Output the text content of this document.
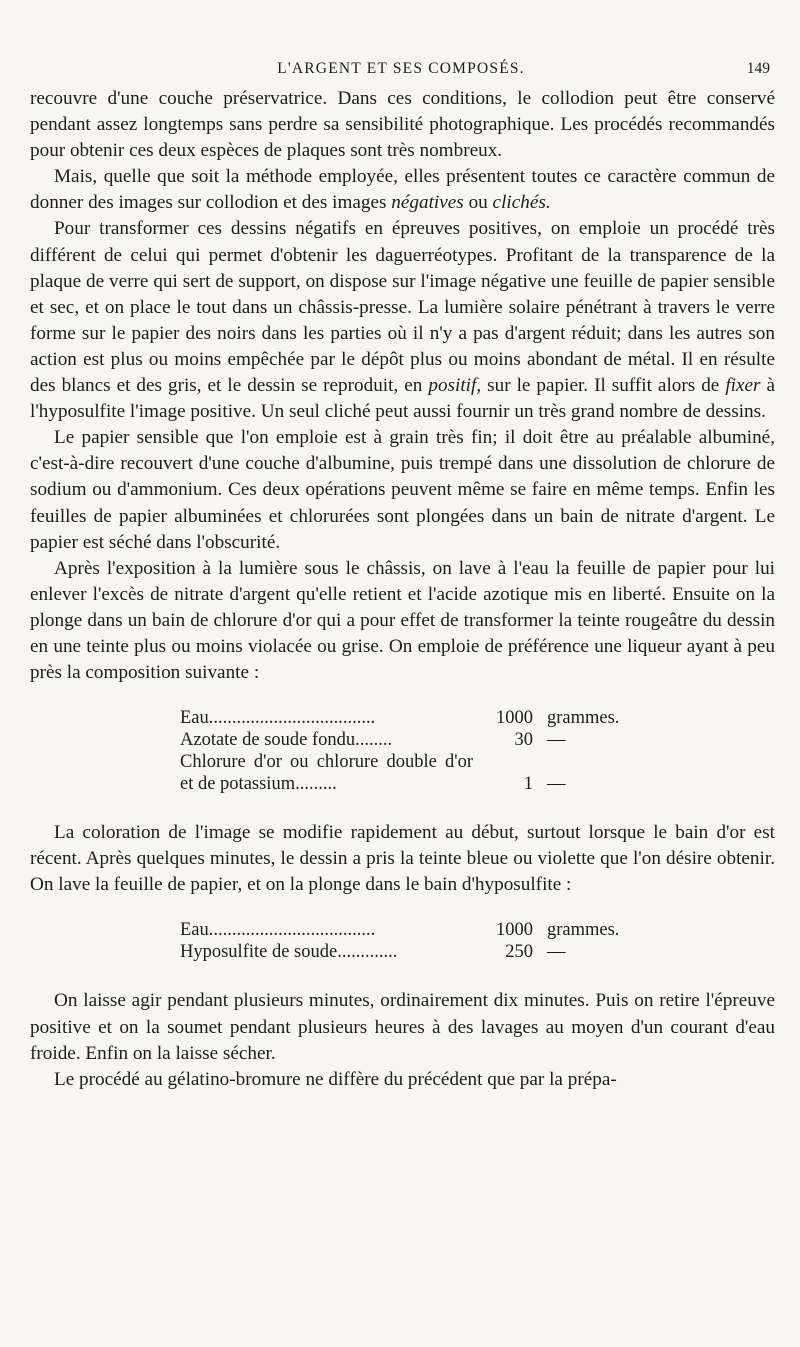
L'ARGENT ET SES COMPOSÉS.	149

recouvre d'une couche préservatrice. Dans ces conditions, le collodion peut être conservé pendant assez longtemps sans perdre sa sensibilité photographique. Les procédés recommandés pour obtenir ces deux espèces de plaques sont très nombreux.

Mais, quelle que soit la méthode employée, elles présentent toutes ce caractère commun de donner des images sur collodion et des images négatives ou clichés.

Pour transformer ces dessins négatifs en épreuves positives, on emploie un procédé très différent de celui qui permet d'obtenir les daguerréotypes. Profitant de la transparence de la plaque de verre qui sert de support, on dispose sur l'image négative une feuille de papier sensible et sec, et on place le tout dans un châssis-presse. La lumière solaire pénétrant à travers le verre forme sur le papier des noirs dans les parties où il n'y a pas d'argent réduit; dans les autres son action est plus ou moins empêchée par le dépôt plus ou moins abondant de métal. Il en résulte des blancs et des gris, et le dessin se reproduit, en positif, sur le papier. Il suffit alors de fixer à l'hyposulfite l'image positive. Un seul cliché peut aussi fournir un très grand nombre de dessins.

Le papier sensible que l'on emploie est à grain très fin; il doit être au préalable albuminé, c'est-à-dire recouvert d'une couche d'albumine, puis trempé dans une dissolution de chlorure de sodium ou d'ammonium. Ces deux opérations peuvent même se faire en même temps. Enfin les feuilles de papier albuminées et chlorurées sont plongées dans un bain de nitrate d'argent. Le papier est séché dans l'obscurité.

Après l'exposition à la lumière sous le châssis, on lave à l'eau la feuille de papier pour lui enlever l'excès de nitrate d'argent qu'elle retient et l'acide azotique mis en liberté. Ensuite on la plonge dans un bain de chlorure d'or qui a pour effet de transformer la teinte rougeâtre du dessin en une teinte plus ou moins violacée ou grise. On emploie de préférence une liqueur ayant à peu près la composition suivante :

Eau....................................	1000 grammes.
Azotate de soude fondu........	30 —
Chlorure d'or ou chlorure double d'or et de potassium.........	1 —

La coloration de l'image se modifie rapidement au début, surtout lorsque le bain d'or est récent. Après quelques minutes, le dessin a pris la teinte bleue ou violette que l'on désire obtenir. On lave la feuille de papier, et on la plonge dans le bain d'hyposulfite :

Eau....................................	1000 grammes.
Hyposulfite de soude.............	250 —

On laisse agir pendant plusieurs minutes, ordinairement dix minutes. Puis on retire l'épreuve positive et on la soumet pendant plusieurs heures à des lavages au moyen d'un courant d'eau froide. Enfin on la laisse sécher.

Le procédé au gélatino-bromure ne diffère du précédent que par la prépa-
